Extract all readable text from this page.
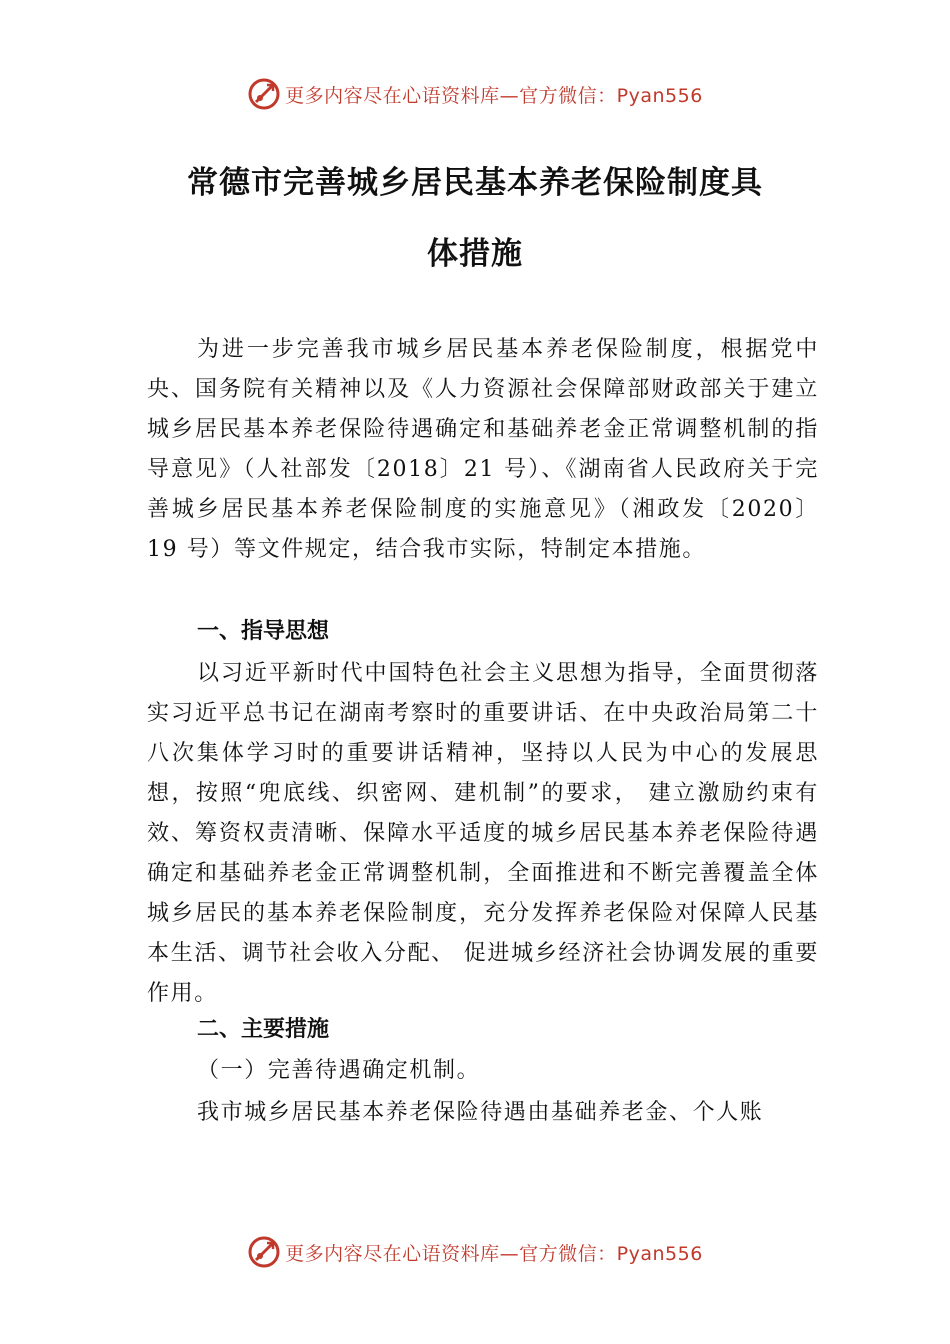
更多内容尽在心语资料库—官方微信：Pyan556
常德市完善城乡居民基本养老保险制度具
体措施

为进一步完善我市城乡居民基本养老保险制度，根据党中央、国务院有关精神以及《人力资源社会保障部财政部关于建立城乡居民基本养老保险待遇确定和基础养老金正常调整机制的指导意见》（人社部发〔2018〕21 号）、《湖南省人民政府关于完善城乡居民基本养老保险制度的实施意见》（湘政发〔2020〕19 号）等文件规定，结合我市实际，特制定本措施。

一、指导思想

以习近平新时代中国特色社会主义思想为指导，全面贯彻落实习近平总书记在湖南考察时的重要讲话、在中央政治局第二十八次集体学习时的重要讲话精神，坚持以人民为中心的发展思想，按照“兜底线、织密网、建机制”的要求， 建立激励约束有效、筹资权责清晰、保障水平适度的城乡居民基本养老保险待遇确定和基础养老金正常调整机制，全面推进和不断完善覆盖全体城乡居民的基本养老保险制度，充分发挥养老保险对保障人民基本生活、调节社会收入分配、 促进城乡经济社会协调发展的重要作用。

二、主要措施

（一）完善待遇确定机制。

我市城乡居民基本养老保险待遇由基础养老金、个人账

更多内容尽在心语资料库—官方微信：Pyan556
